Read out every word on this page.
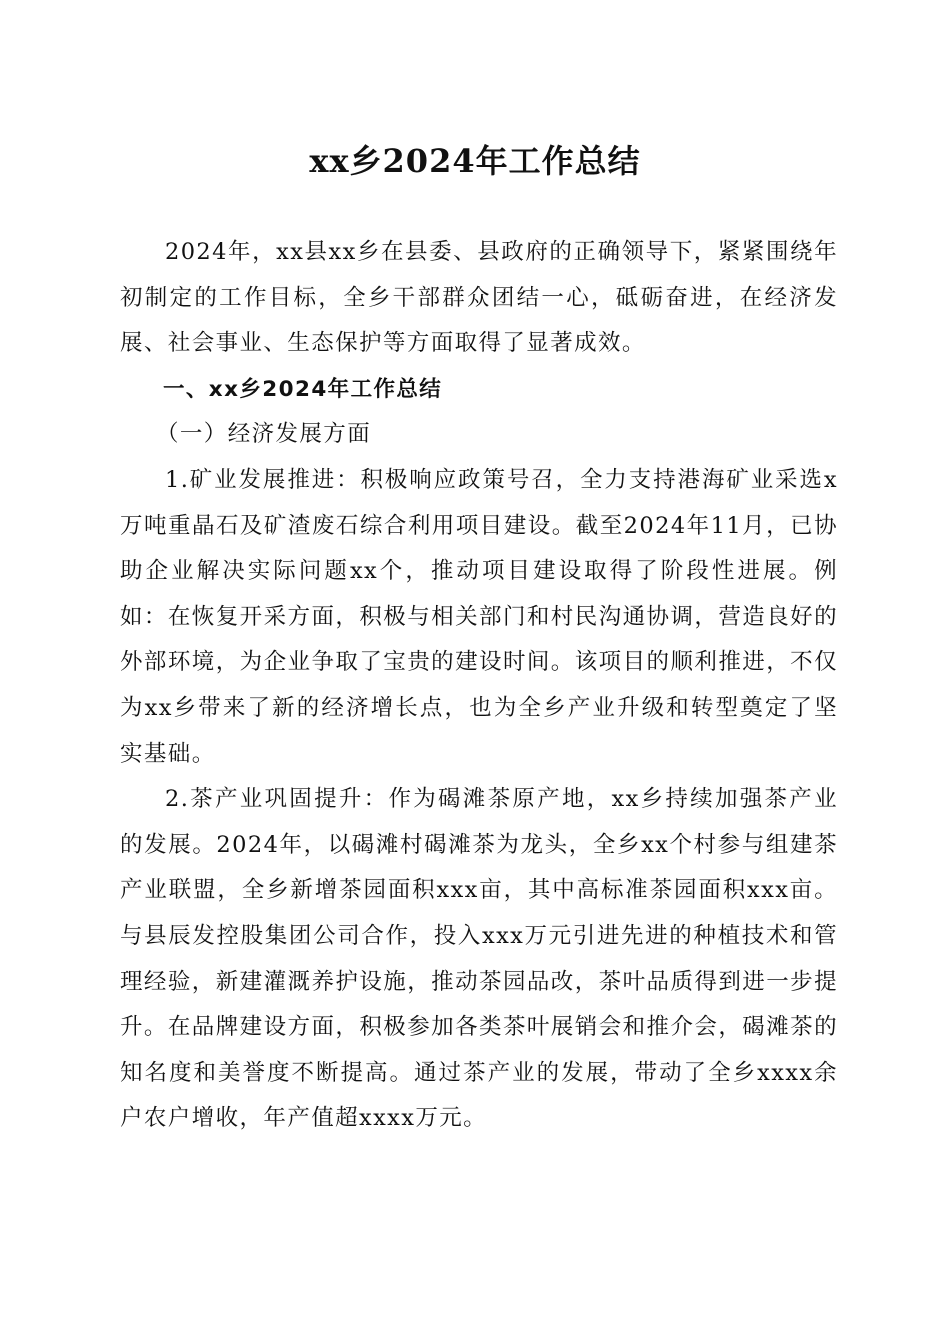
xx乡2024年工作总结

2024年，xx县xx乡在县委、县政府的正确领导下，紧紧围绕年初制定的工作目标，全乡干部群众团结一心，砥砺奋进，在经济发展、社会事业、生态保护等方面取得了显著成效。

一、xx乡2024年工作总结

（一）经济发展方面

1.矿业发展推进：积极响应政策号召，全力支持港海矿业采选x万吨重晶石及矿渣废石综合利用项目建设。截至2024年11月，已协助企业解决实际问题xx个，推动项目建设取得了阶段性进展。例如：在恢复开采方面，积极与相关部门和村民沟通协调，营造良好的外部环境，为企业争取了宝贵的建设时间。该项目的顺利推进，不仅为xx乡带来了新的经济增长点，也为全乡产业升级和转型奠定了坚实基础。

2.茶产业巩固提升：作为碣滩茶原产地，xx乡持续加强茶产业的发展。2024年，以碣滩村碣滩茶为龙头，全乡xx个村参与组建茶产业联盟，全乡新增茶园面积xxx亩，其中高标准茶园面积xxx亩。与县辰发控股集团公司合作，投入xxx万元引进先进的种植技术和管理经验，新建灌溉养护设施，推动茶园品改，茶叶品质得到进一步提升。在品牌建设方面，积极参加各类茶叶展销会和推介会，碣滩茶的知名度和美誉度不断提高。通过茶产业的发展，带动了全乡xxxx余户农户增收，年产值超xxxx万元。
